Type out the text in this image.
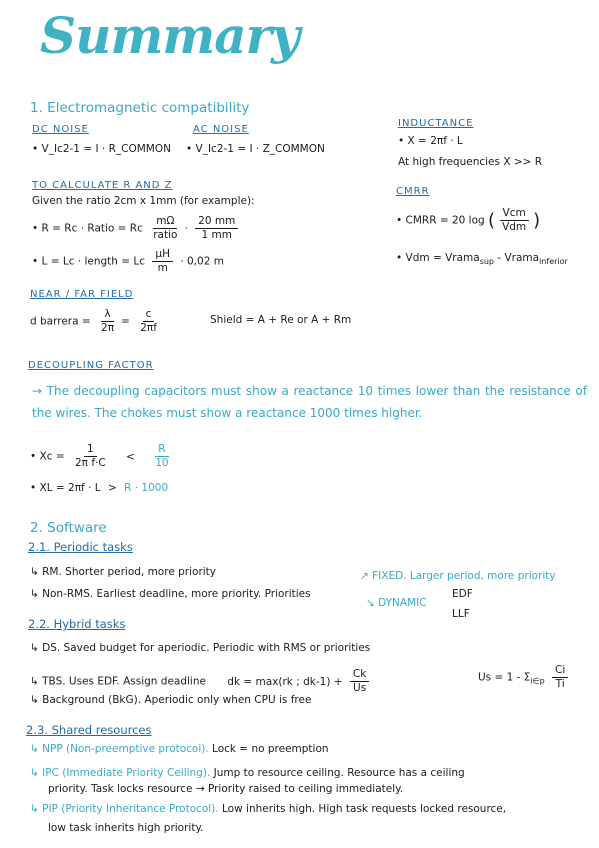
Summary
1. Electromagnetic compatibility
DC NOISE
• V_Ic2-1 = I · R_COMMON
AC NOISE
• V_Ic2-1 = I · Z_COMMON
INDUCTANCE
• X = 2πf · L
At high frequencies X >> R
TO CALCULATE R AND Z
Given the ratio 2cm x 1mm (for example):
• R = Rc · Ratio = Rc $\frac{m\Omega}{\text{ratio}} \cdot \frac{20 mm}{1 mm}$
• L = Lc · length = Lc $\frac{\mu H}{m} \cdot 0,02$ m
CMRR
• CMRR = 20 log ( $\frac{\text{Vcm}}{\text{Vdm}}$ )
• Vdm = Vrama$_{sup}$ - Vrama$_{inferior}$
NEAR / FAR FIELD
d barrera = $\frac{\lambda}{2\pi} = \frac{c}{2\pi f}$	Shield = A + Re or A + Rm
DECOUPLING FACTOR
→ The decoupling capacitors must show a reactance 10 times lower than the resistance of the wires. The chokes must show a reactance 1000 times higher.
• $Xc = \frac{1}{\text{2π f·C}} < \frac{R}{10}$
• XL = 2πf · L > R · 1000
2. Software
2.1. Periodic tasks
↳ RM. Shorter period, more priority
↳ Non-RMS. Earliest deadline, more priority. Priorities
↗ FIXED. Larger period, more priority
↘ DYNAMIC
EDF
LLF
2.2. Hybrid tasks
↳ DS. Saved budget for aperiodic. Periodic with RMS or priorities
↳ TBS. Uses EDF. Assign deadline dk = max(rk ; $dk-1) + \frac{Ck}{Us}$	$Us = 1 - \Sigma_{i\in p} \frac{Ci}{Ti}$
↳ Background (BkG). Aperiodic only when CPU is free
2.3. Shared resources
↳ NPP (Non-preemptive protocol). Lock = no preemption
↳ IPC (Immediate Priority Ceiling). Jump to resource ceiling. Resource has a ceiling
priority. Task locks resource → Priority raised to ceiling immediately.
↳ PIP (Priority Inheritance Protocol). Low inherits high. High task requests locked resource,
low task inherits high priority.
